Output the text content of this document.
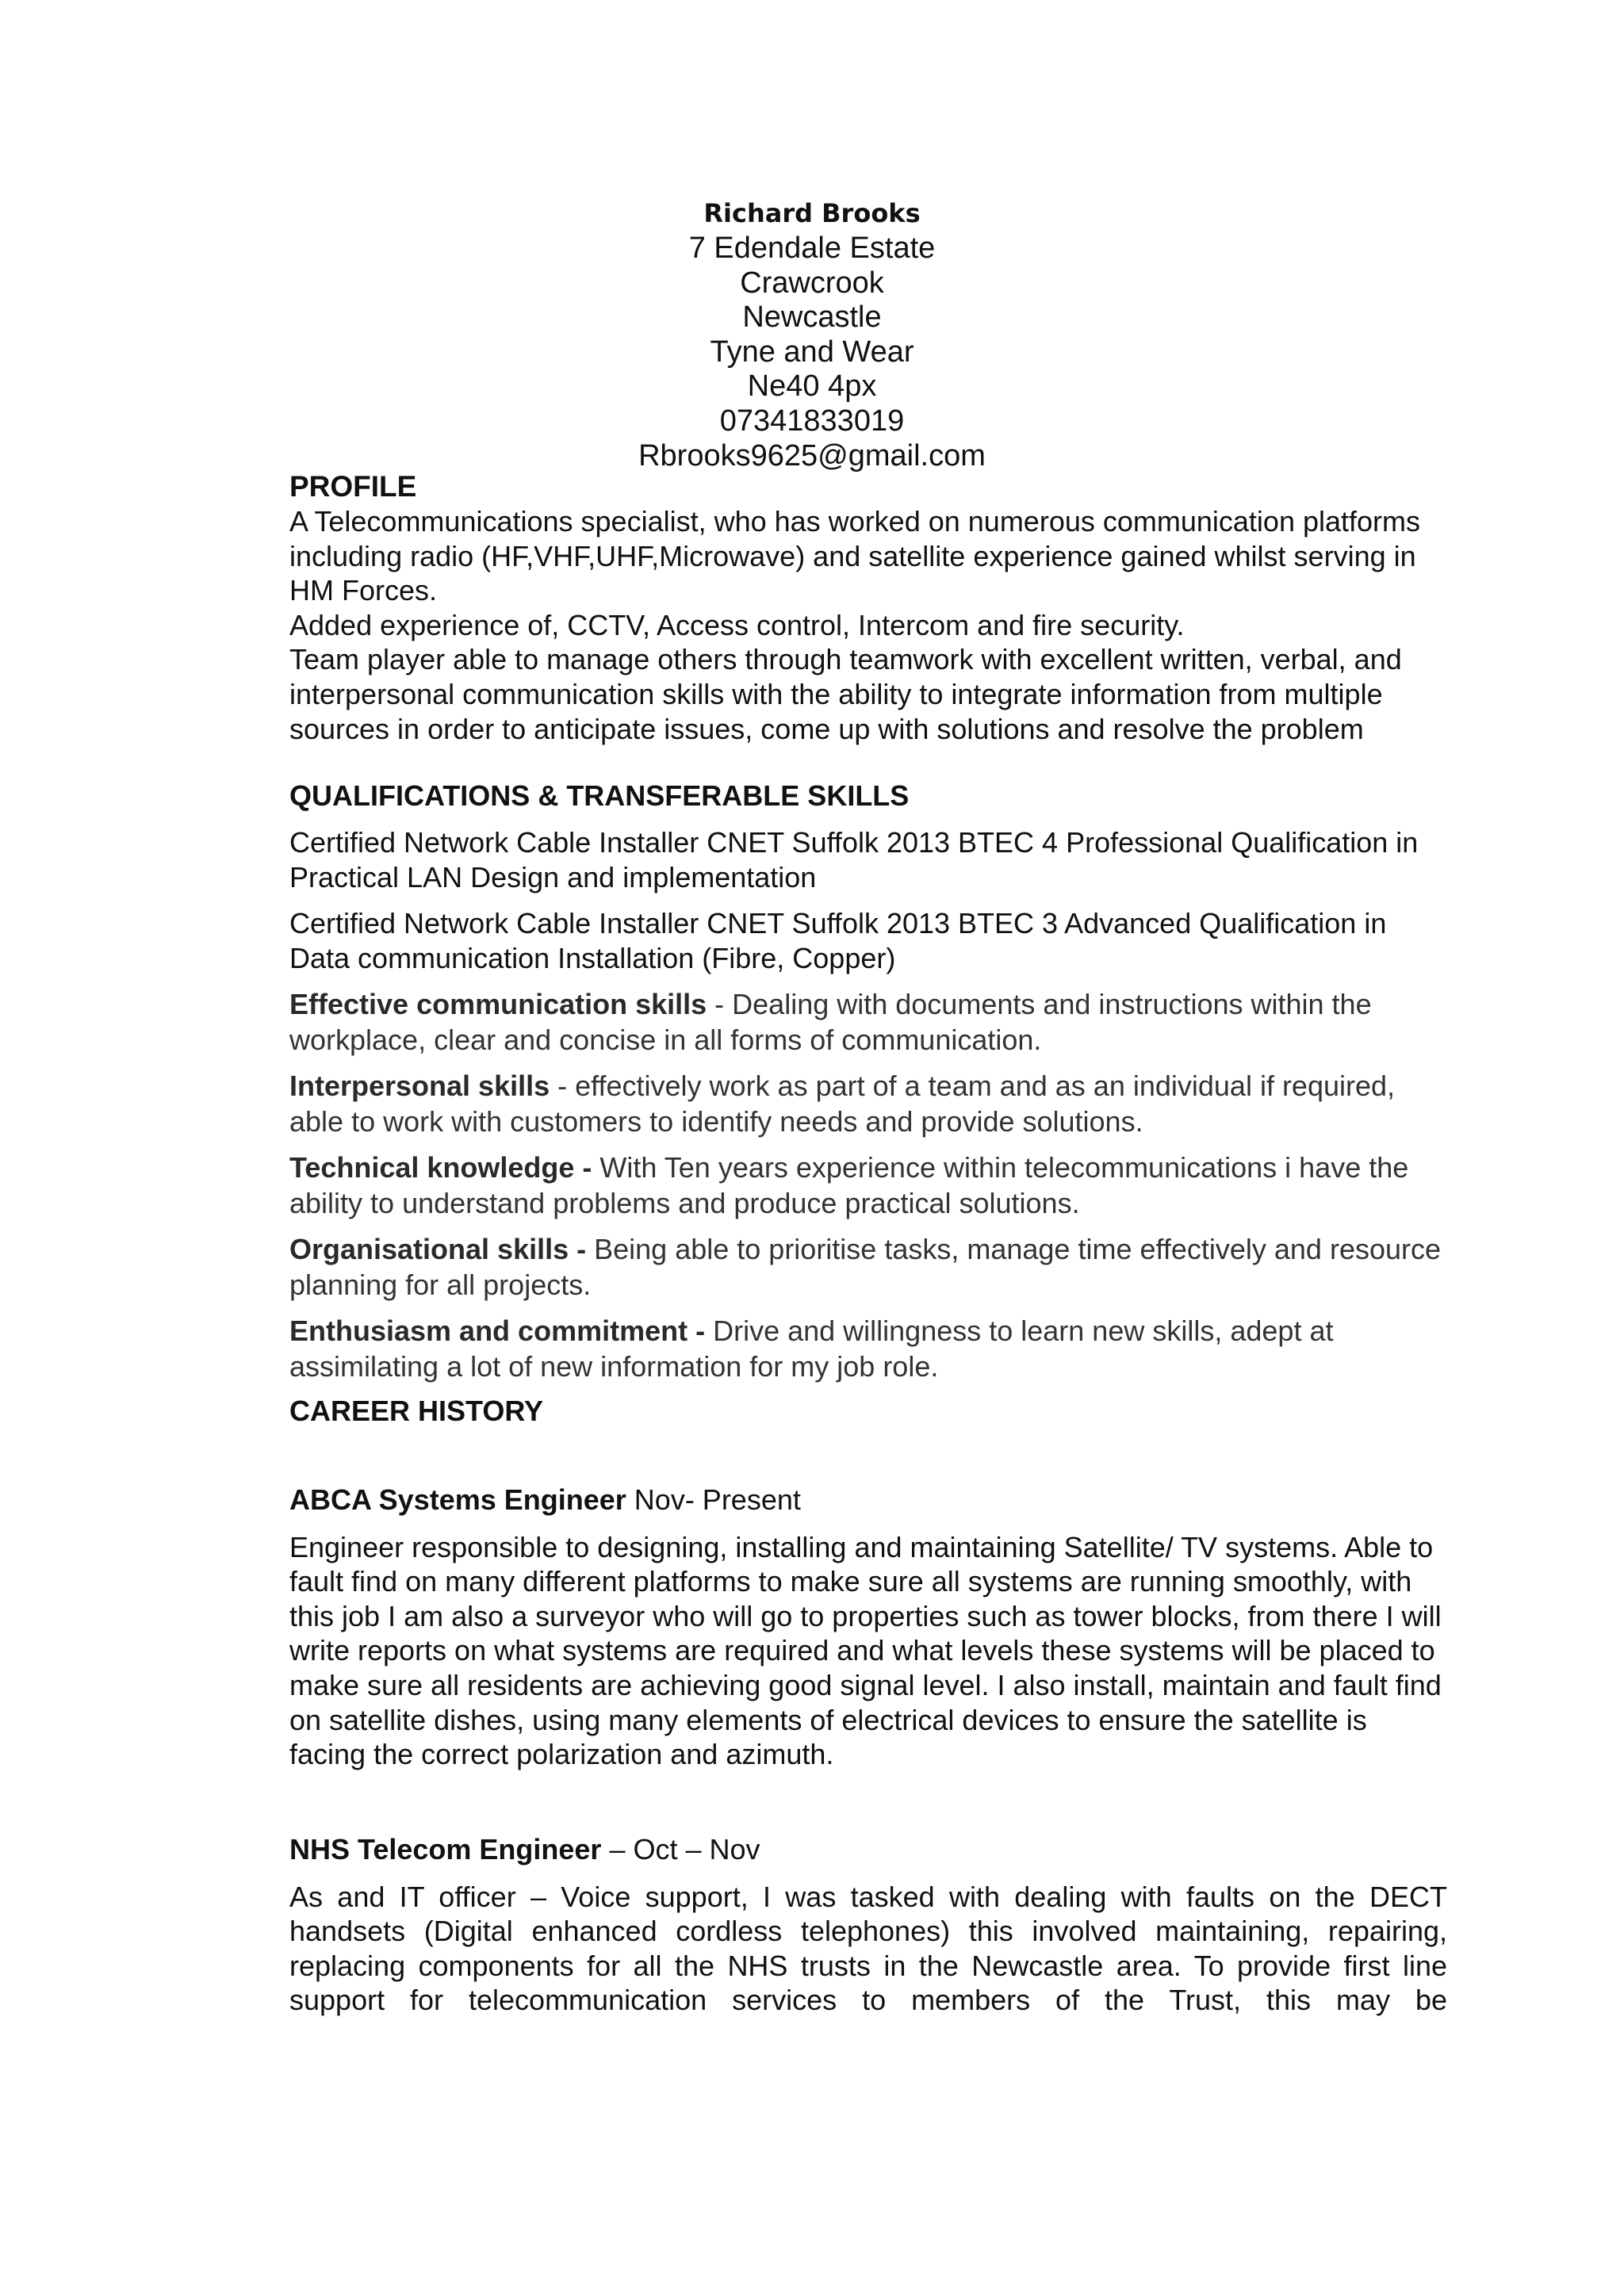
Richard Brooks
7 Edendale Estate
Crawcrook
Newcastle
Tyne and Wear
Ne40 4px
07341833019
Rbrooks9625@gmail.com
PROFILE

A Telecommunications specialist, who has worked on numerous communication platforms including radio (HF,VHF,UHF,Microwave) and satellite experience gained whilst serving in HM Forces.

Added experience of, CCTV, Access control, Intercom and fire security.

Team player able to manage others through teamwork with excellent written, verbal, and interpersonal communication skills with the ability to integrate information from multiple sources in order to anticipate issues, come up with solutions and resolve the problem

QUALIFICATIONS & TRANSFERABLE SKILLS

Certified Network Cable Installer CNET Suffolk 2013 BTEC 4 Professional Qualification in Practical LAN Design and implementation

Certified Network Cable Installer CNET Suffolk 2013 BTEC 3 Advanced Qualification in Data communication Installation (Fibre, Copper)

Effective communication skills - Dealing with documents and instructions within the workplace, clear and concise in all forms of communication.

Interpersonal skills - effectively work as part of a team and as an individual if required, able to work with customers to identify needs and provide solutions.

Technical knowledge - With Ten years experience within telecommunications i have the ability to understand problems and produce practical solutions.

Organisational skills - Being able to prioritise tasks, manage time effectively and resource planning for all projects.

Enthusiasm and commitment - Drive and willingness to learn new skills, adept at assimilating a lot of new information for my job role.

CAREER HISTORY

ABCA Systems Engineer Nov- Present

Engineer responsible to designing, installing and maintaining Satellite/ TV systems. Able to fault find on many different platforms to make sure all systems are running smoothly, with this job I am also a surveyor who will go to properties such as tower blocks, from there I will write reports on what systems are required and what levels these systems will be placed to make sure all residents are achieving good signal level. I also install, maintain and fault find on satellite dishes, using many elements of electrical devices to ensure the satellite is facing the correct polarization and azimuth.

NHS Telecom Engineer – Oct – Nov

As and IT officer – Voice support, I was tasked with dealing with faults on the DECT handsets (Digital enhanced cordless telephones) this involved maintaining, repairing, replacing components for all the NHS trusts in the Newcastle area. To provide first line support for telecommunication services to members of the Trust, this may be
